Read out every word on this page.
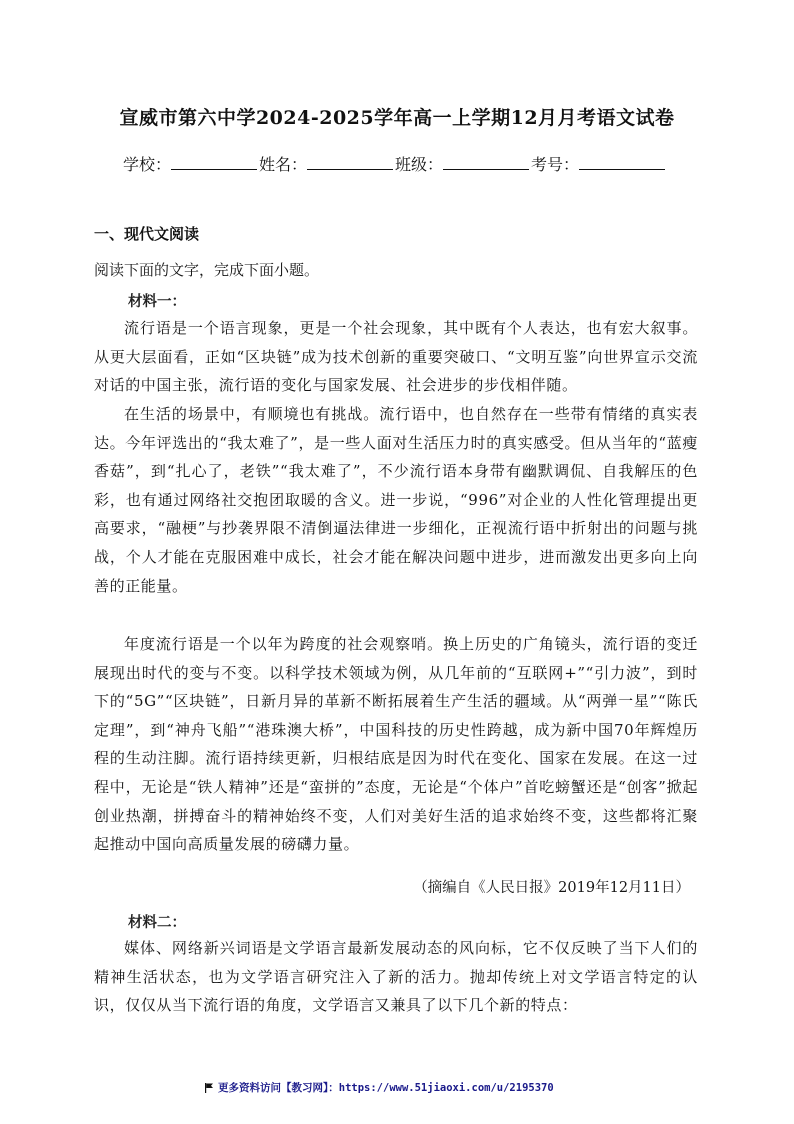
宣威市第六中学2024-2025学年高一上学期12月月考语文试卷
学校：	姓名：	班级：	考号：
一、现代文阅读
阅读下面的文字，完成下面小题。
材料一：

流行语是一个语言现象，更是一个社会现象，其中既有个人表达，也有宏大叙事。从更大层面看，正如“区块链”成为技术创新的重要突破口、“文明互鉴”向世界宣示交流对话的中国主张，流行语的变化与国家发展、社会进步的步伐相伴随。

在生活的场景中，有顺境也有挑战。流行语中，也自然存在一些带有情绪的真实表达。今年评选出的“我太难了”，是一些人面对生活压力时的真实感受。但从当年的“蓝瘦香菇”，到“扎心了，老铁”“我太难了”，不少流行语本身带有幽默调侃、自我解压的色彩，也有通过网络社交抱团取暖的含义。进一步说，“996”对企业的人性化管理提出更高要求，“融梗”与抄袭界限不清倒逼法律进一步细化，正视流行语中折射出的问题与挑战，个人才能在克服困难中成长，社会才能在解决问题中进步，进而激发出更多向上向善的正能量。

年度流行语是一个以年为跨度的社会观察哨。换上历史的广角镜头，流行语的变迁展现出时代的变与不变。以科学技术领域为例，从几年前的“互联网+”“引力波”，到时下的“5G”“区块链”，日新月异的革新不断拓展着生产生活的疆域。从“两弹一星”“陈氏定理”，到“神舟飞船”“港珠澳大桥”，中国科技的历史性跨越，成为新中国70年辉煌历程的生动注脚。流行语持续更新，归根结底是因为时代在变化、国家在发展。在这一过程中，无论是“铁人精神”还是“蛮拼的”态度，无论是“个体户”首吃螃蟹还是“创客”掀起创业热潮，拼搏奋斗的精神始终不变，人们对美好生活的追求始终不变，这些都将汇聚起推动中国向高质量发展的磅礴力量。

（摘编自《人民日报》2019年12月11日）
材料二：

媒体、网络新兴词语是文学语言最新发展动态的风向标，它不仅反映了当下人们的精神生活状态，也为文学语言研究注入了新的活力。抛却传统上对文学语言特定的认识，仅仅从当下流行语的角度，文学语言又兼具了以下几个新的特点：

更多资料访问【教习网】：https://www.51jiaoxi.com/u/2195370
